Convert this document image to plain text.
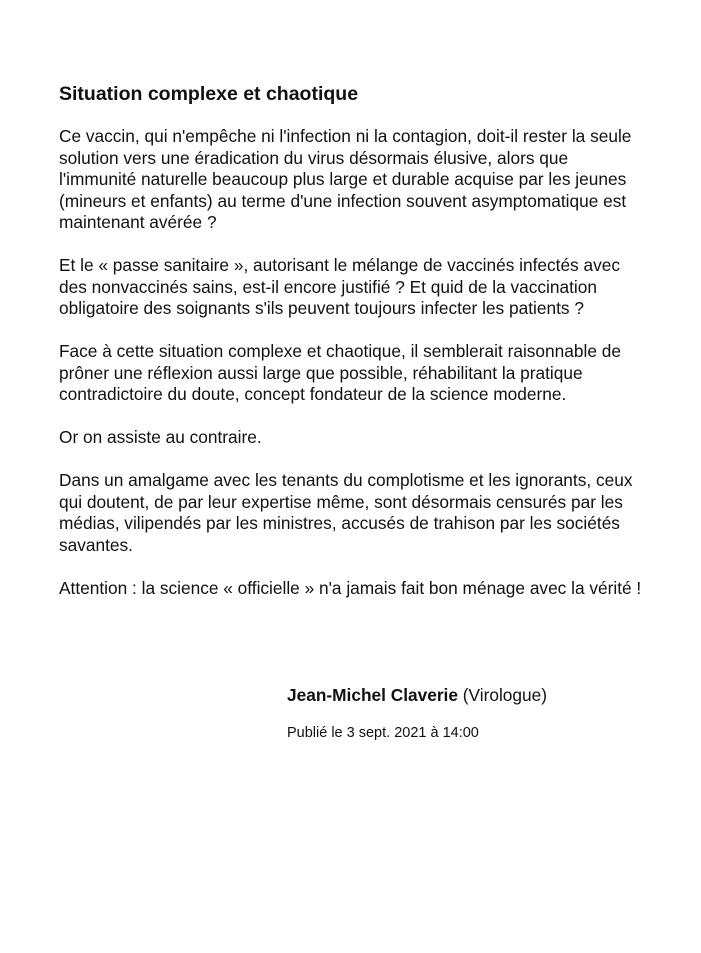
Situation complexe et chaotique

Ce vaccin, qui n'empêche ni l'infection ni la contagion, doit-il rester la seule solution vers une éradication du virus désormais élusive, alors que l'immunité naturelle beaucoup plus large et durable acquise par les jeunes (mineurs et enfants) au terme d'une infection souvent asymptomatique est maintenant avérée ?

Et le « passe sanitaire », autorisant le mélange de vaccinés infectés avec des nonvaccinés sains, est-il encore justifié ? Et quid de la vaccination obligatoire des soignants s'ils peuvent toujours infecter les patients ?

Face à cette situation complexe et chaotique, il semblerait raisonnable de prôner une réflexion aussi large que possible, réhabilitant la pratique contradictoire du doute, concept fondateur de la science moderne.

Or on assiste au contraire.

Dans un amalgame avec les tenants du complotisme et les ignorants, ceux qui doutent, de par leur expertise même, sont désormais censurés par les médias, vilipendés par les ministres, accusés de trahison par les sociétés savantes.

Attention : la science « officielle » n'a jamais fait bon ménage avec la vérité !

Jean-Michel Claverie (Virologue)
Publié le 3 sept. 2021 à 14:00
